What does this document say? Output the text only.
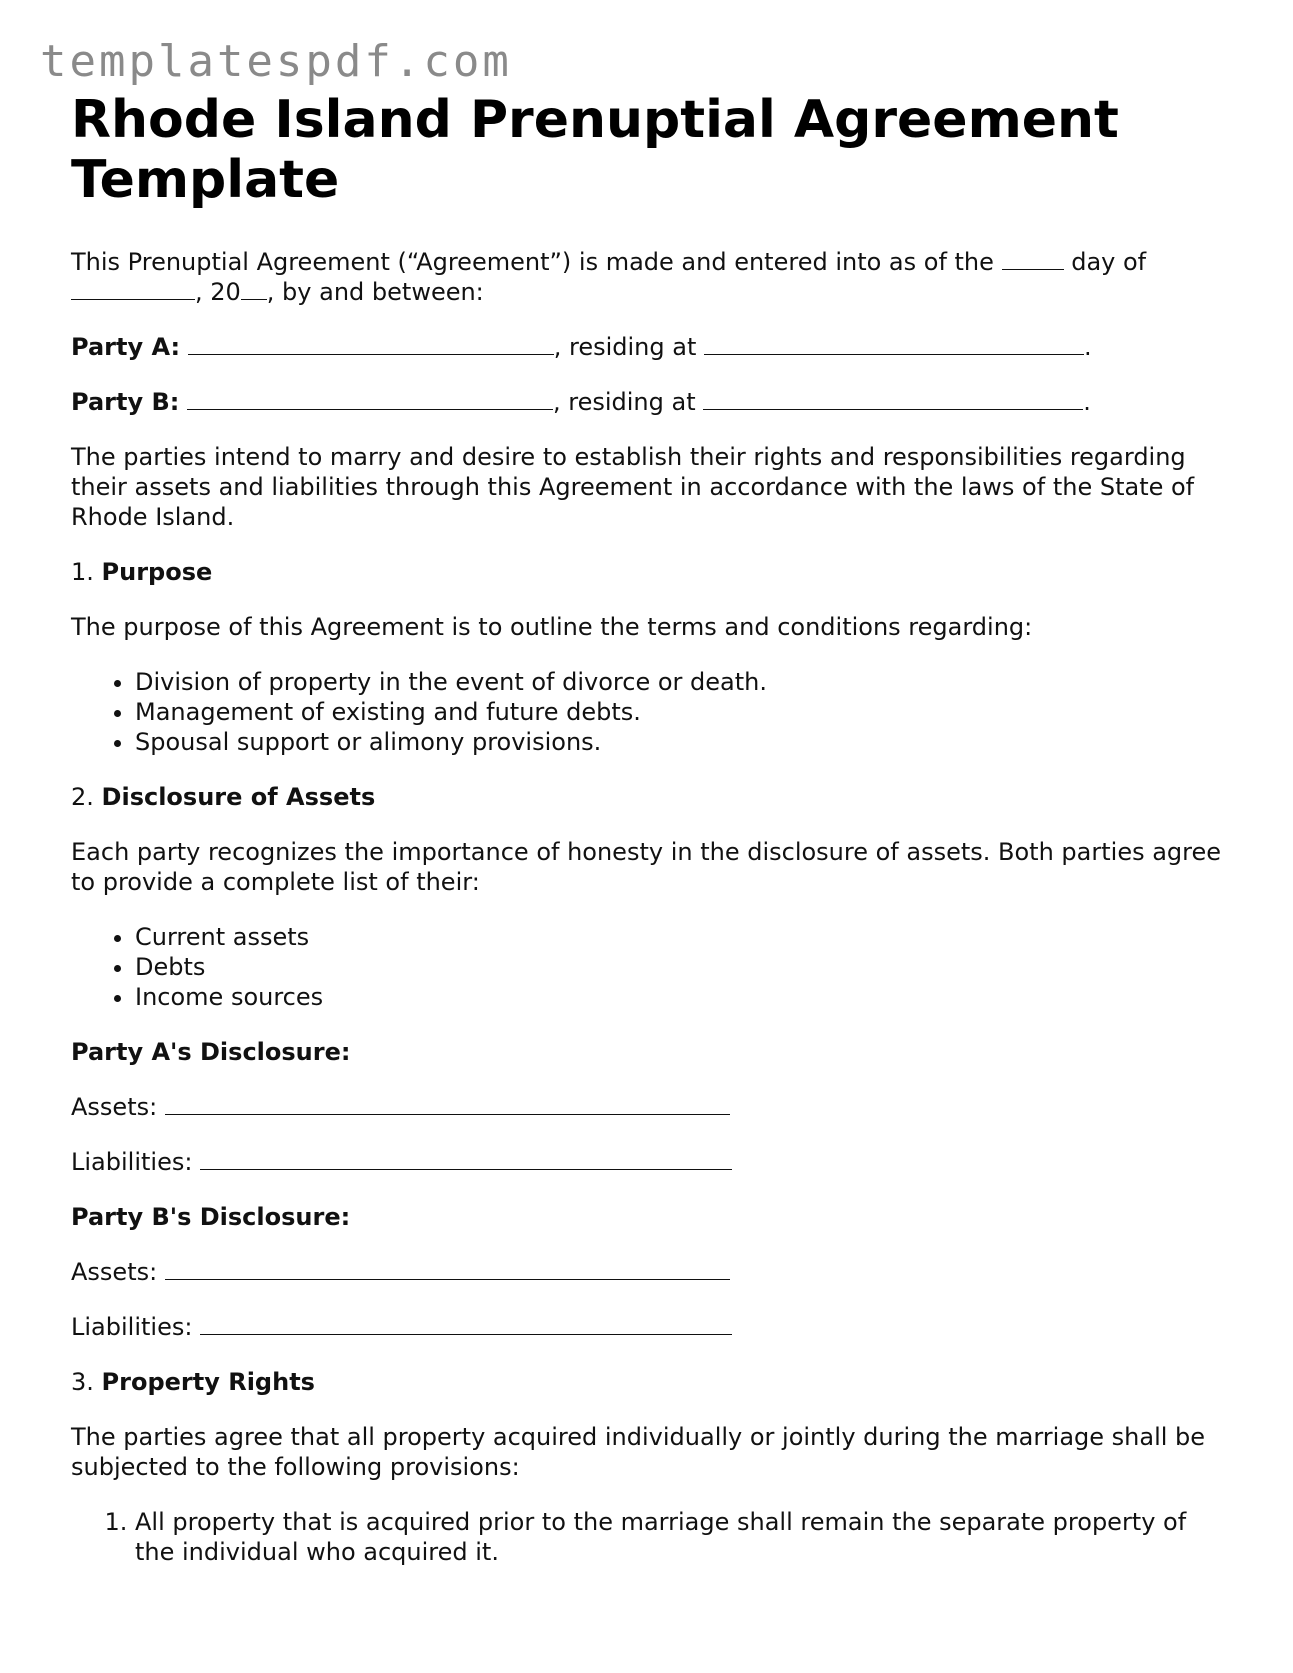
templatespdf.com
Rhode Island Prenuptial Agreement Template

This Prenuptial Agreement (“Agreement”) is made and entered into as of the	day of , 20 , by and between:

Party A:	, residing at	.

Party B:	, residing at	.

The parties intend to marry and desire to establish their rights and responsibilities regarding their assets and liabilities through this Agreement in accordance with the laws of the State of Rhode Island.

1. Purpose

The purpose of this Agreement is to outline the terms and conditions regarding:

• Division of property in the event of divorce or death.
• Management of existing and future debts.
• Spousal support or alimony provisions.
2. Disclosure of Assets

Each party recognizes the importance of honesty in the disclosure of assets. Both parties agree to provide a complete list of their:

• Current assets
• Debts
• Income sources

Party A's Disclosure:

Assets:

Liabilities:

Party B's Disclosure:

Assets:

Liabilities:

3. Property Rights

The parties agree that all property acquired individually or jointly during the marriage shall be subjected to the following provisions:

1. All property that is acquired prior to the marriage shall remain the separate property of the individual who acquired it.
